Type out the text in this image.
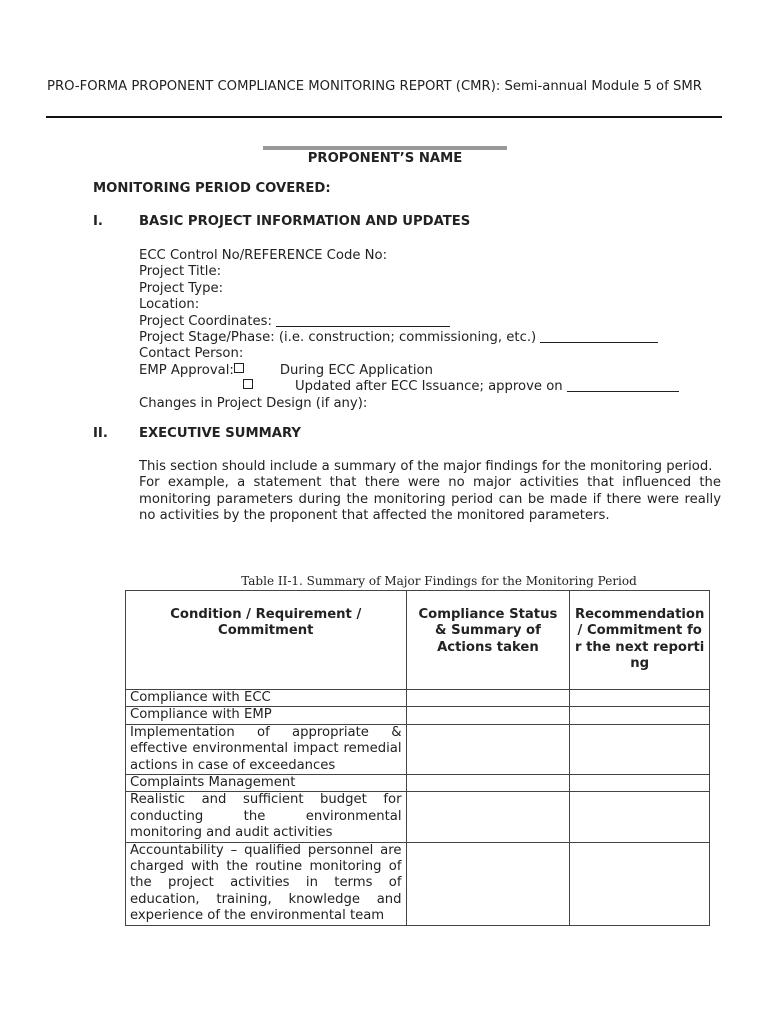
PRO-FORMA PROPONENT COMPLIANCE MONITORING REPORT (CMR): Semi-annual Module 5 of SMR
PROPONENT’S NAME
MONITORING PERIOD COVERED:
I.	BASIC PROJECT INFORMATION AND UPDATES
ECC Control No/REFERENCE Code No:
Project Title:
Project Type:
Location:
Project Coordinates:
Project Stage/Phase: (i.e. construction; commissioning, etc.)
Contact Person:
EMP Approval:	During ECC Application
Updated after ECC Issuance; approve on
Changes in Project Design (if any):
II. EXECUTIVE SUMMARY
This section should include a summary of the major findings for the monitoring period.
For example, a statement that there were no major activities that influenced the monitoring parameters during the monitoring period can be made if there were really no activities by the proponent that affected the monitored parameters.
Table II-1. Summary of Major Findings for the Monitoring Period
Condition / Requirement / Commitment	Compliance Status & Summary of Actions taken	Recommendation / Commitment for the next reporting
Compliance with ECC		
Compliance with EMP		
Implementation of appropriate & effective environmental impact remedial actions in case of exceedances		
Complaints Management		
Realistic and sufficient budget for conducting the environmental monitoring and audit activities		
Accountability – qualified personnel are charged with the routine monitoring of the project activities in terms of education, training, knowledge and experience of the environmental team		
